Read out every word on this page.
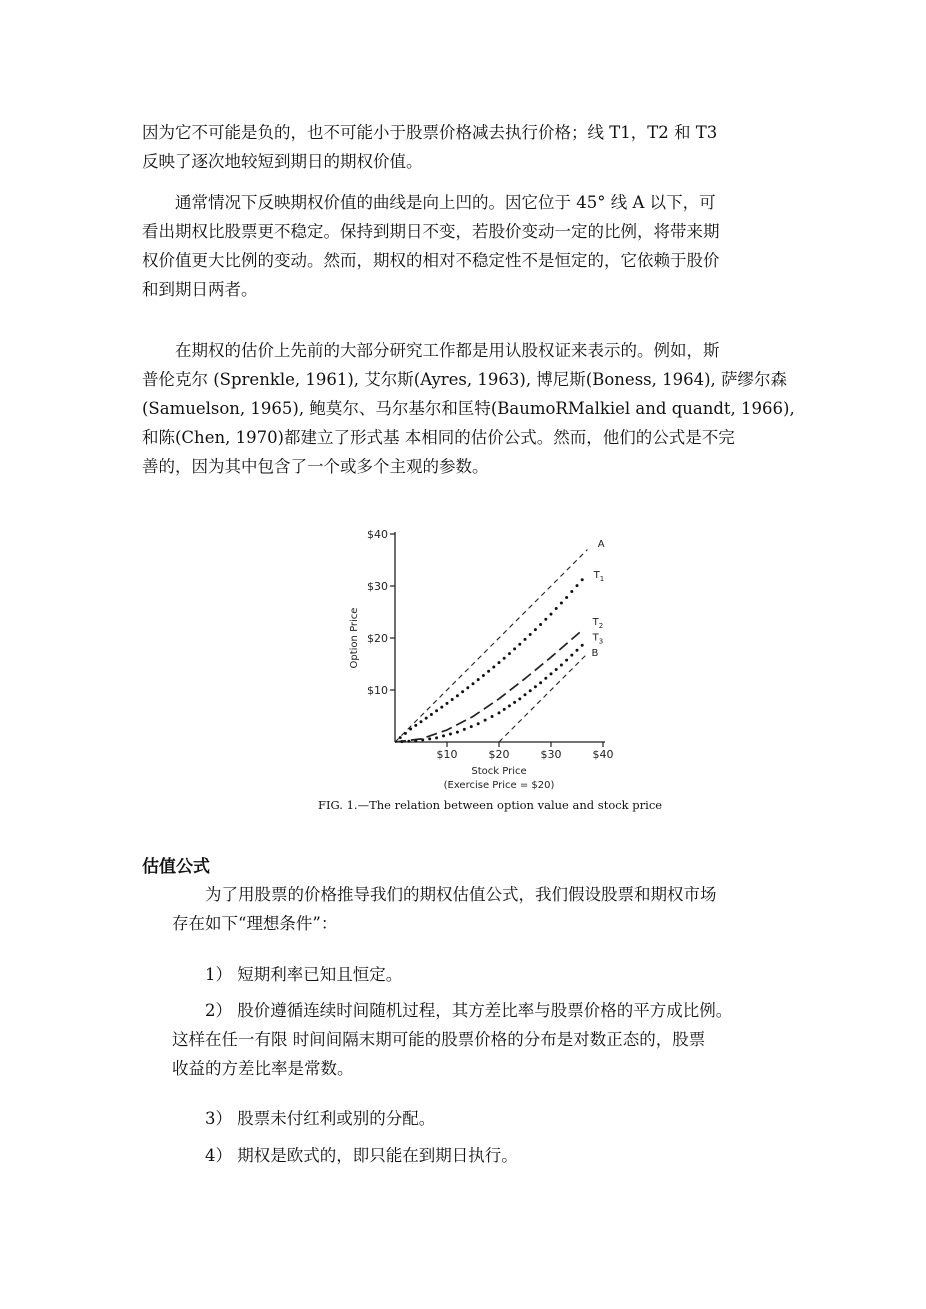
因为它不可能是负的，也不可能小于股票价格减去执行价格；线 T1，T2 和 T3
反映了逐次地较短到期日的期权价值。
　　通常情况下反映期权价值的曲线是向上凹的。因它位于 45° 线 A 以下，可
看出期权比股票更不稳定。保持到期日不变，若股价变动一定的比例，将带来期
权价值更大比例的变动。然而，期权的相对不稳定性不是恒定的，它依赖于股价
和到期日两者。
　　在期权的估价上先前的大部分研究工作都是用认股权证来表示的。例如，斯
普伦克尔 (Sprenkle, 1961), 艾尔斯(Ayres, 1963), 博尼斯(Boness, 1964), 萨缪尔森
(Samuelson, 1965), 鲍莫尔、马尔基尔和匡特(BaumoRMalkiel and quandt, 1966),
和陈(Chen, 1970)都建立了形式基 本相同的估价公式。然而，他们的公式是不完
善的，因为其中包含了一个或多个主观的参数。
$10
$20
$30
$40
$10	$20	$30	$40
Stock Price
(Exercise Price = $20)
Option Price
A
$T_1$
$T_2$
$T_3$
B
FIG. 1.—The relation between option value and stock price
估值公式
　　为了用股票的价格推导我们的期权估值公式，我们假设股票和期权市场
存在如下“理想条件”：
　　1） 短期利率已知且恒定。
　　2） 股价遵循连续时间随机过程，其方差比率与股票价格的平方成比例。
这样在任一有限 时间间隔末期可能的股票价格的分布是对数正态的，股票
收益的方差比率是常数。
　　3） 股票未付红利或别的分配。
　　4） 期权是欧式的，即只能在到期日执行。
